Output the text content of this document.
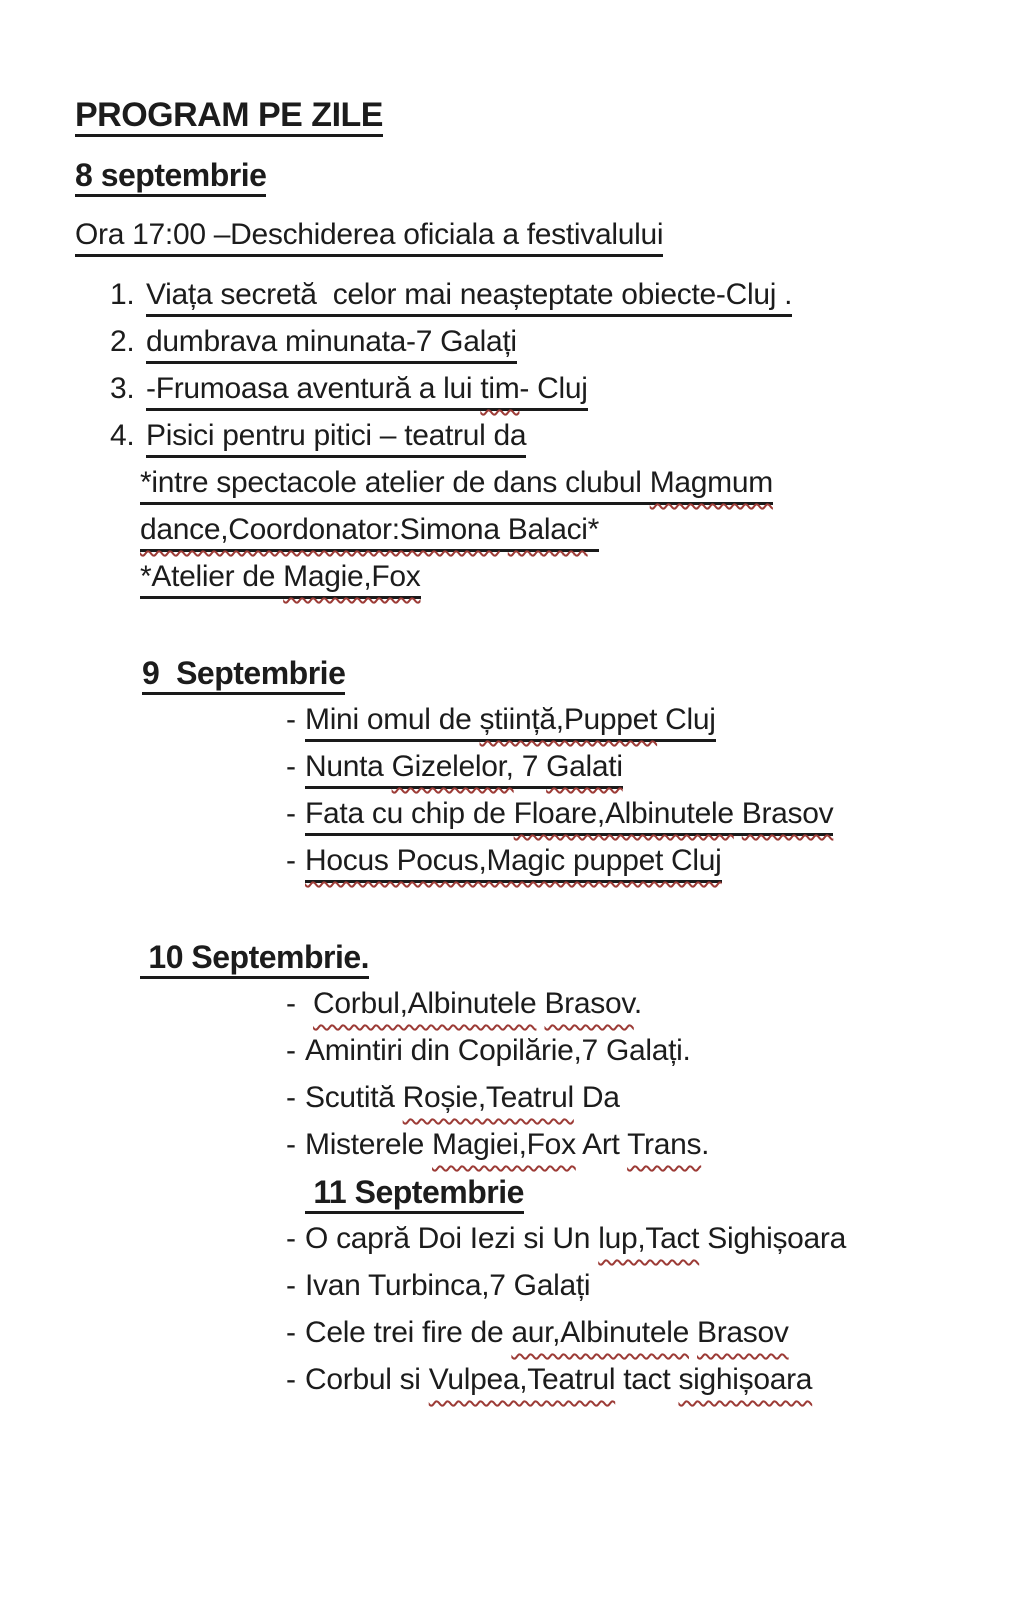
PROGRAM PE ZILE
8 septembrie
Ora 17:00 –Deschiderea oficiala a festivalului
1. Viața secretă  celor mai neașteptate obiecte-Cluj .
2. dumbrava minunata-7 Galați
3. -Frumoasa aventură a lui tim- Cluj
4. Pisici pentru pitici – teatrul da
*intre spectacole atelier de dans clubul Magmum
dance,Coordonator:Simona Balaci*
*Atelier de Magie,Fox
9  Septembrie
- Mini omul de știință,Puppet Cluj
- Nunta Gizelelor, 7 Galati
- Fata cu chip de Floare,Albinutele Brasov
- Hocus Pocus,Magic puppet Cluj
10 Septembrie.
- Corbul,Albinutele Brasov.
- Amintiri din Copilărie,7 Galați.
- Scutită Roșie,Teatrul Da
- Misterele Magiei,Fox Art Trans.
11 Septembrie
- O capră Doi Iezi si Un lup,Tact Sighișoara
- Ivan Turbinca,7 Galați
- Cele trei fire de aur,Albinutele Brasov
- Corbul si Vulpea,Teatrul tact sighișoara
